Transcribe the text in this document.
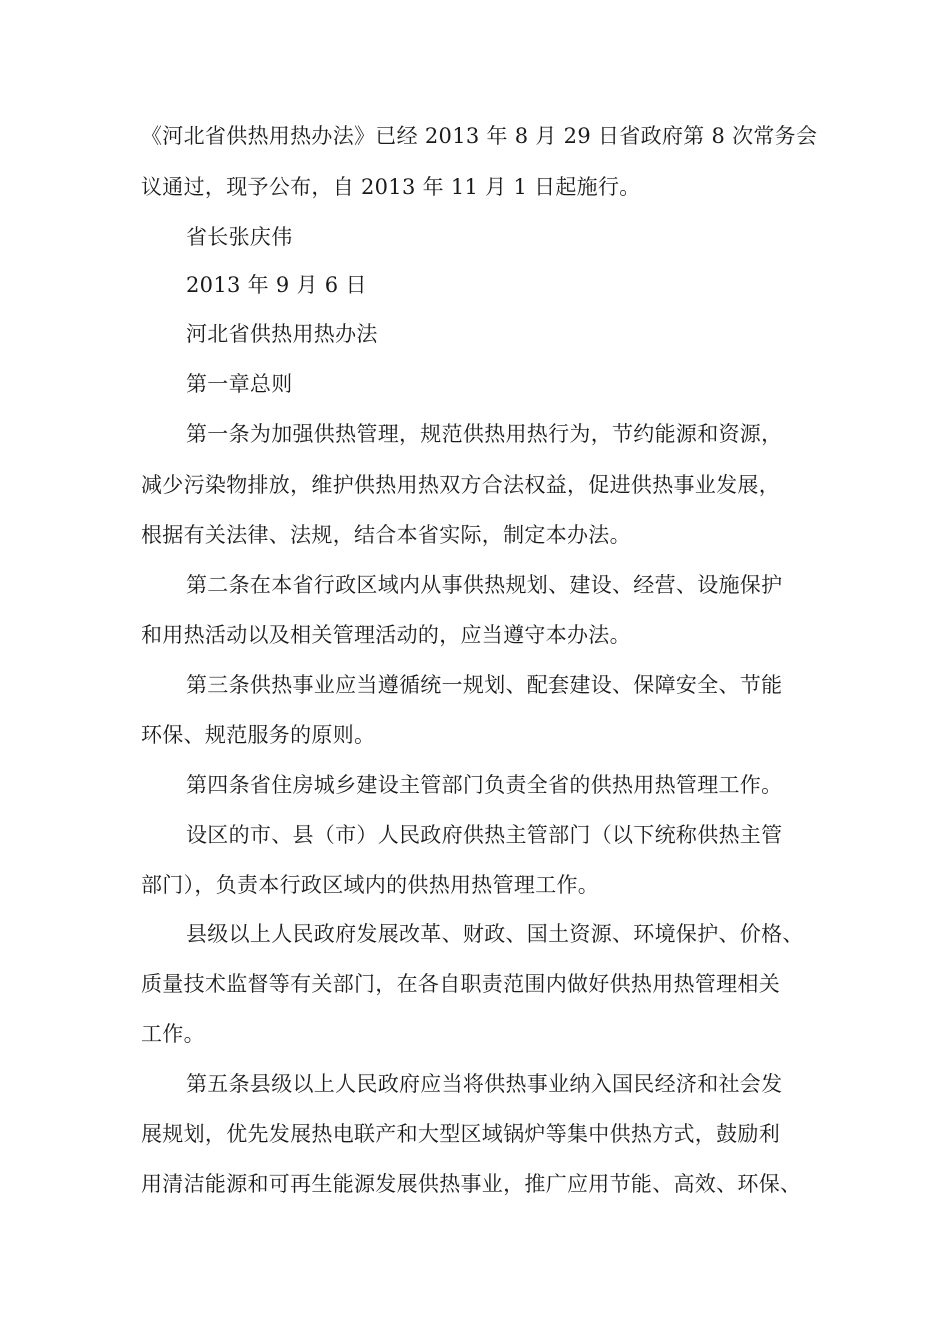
《河北省供热用热办法》已经 2013 年 8 月 29 日省政府第 8 次常务会
议通过，现予公布，自 2013 年 11 月 1 日起施行。
省长张庆伟
2013 年 9 月 6 日
河北省供热用热办法
第一章总则
第一条为加强供热管理，规范供热用热行为，节约能源和资源，
减少污染物排放，维护供热用热双方合法权益，促进供热事业发展，
根据有关法律、法规，结合本省实际，制定本办法。
第二条在本省行政区域内从事供热规划、建设、经营、设施保护
和用热活动以及相关管理活动的，应当遵守本办法。
第三条供热事业应当遵循统一规划、配套建设、保障安全、节能
环保、规范服务的原则。
第四条省住房城乡建设主管部门负责全省的供热用热管理工作。
设区的市、县（市）人民政府供热主管部门（以下统称供热主管
部门），负责本行政区域内的供热用热管理工作。
县级以上人民政府发展改革、财政、国土资源、环境保护、价格、
质量技术监督等有关部门，在各自职责范围内做好供热用热管理相关
工作。
第五条县级以上人民政府应当将供热事业纳入国民经济和社会发
展规划，优先发展热电联产和大型区域锅炉等集中供热方式，鼓励利
用清洁能源和可再生能源发展供热事业，推广应用节能、高效、环保、
